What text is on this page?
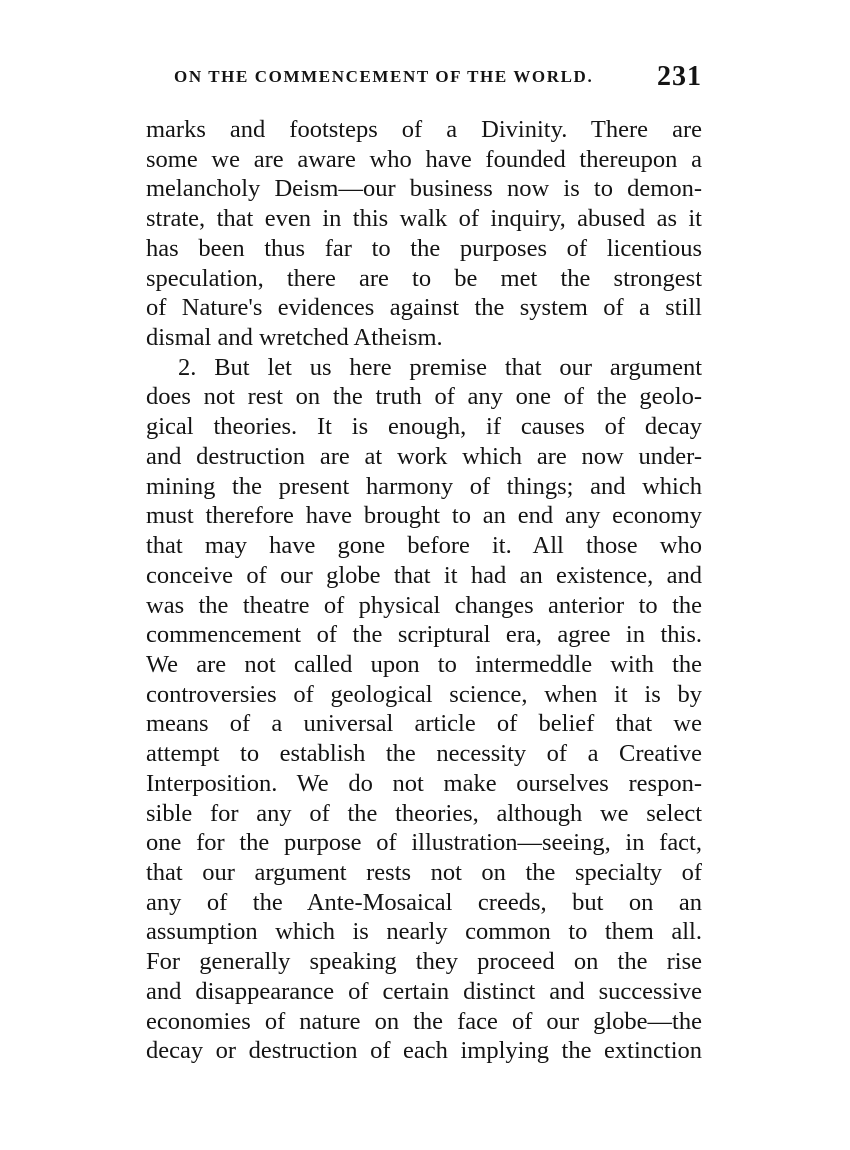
ON THE COMMENCEMENT OF THE WORLD. 231
marks and footsteps of a Divinity. There are
some we are aware who have founded thereupon a
melancholy Deism—our business now is to demon-
strate, that even in this walk of inquiry, abused as it
has been thus far to the purposes of licentious
speculation, there are to be met the strongest
of Nature's evidences against the system of a still
dismal and wretched Atheism.
2. But let us here premise that our argument
does not rest on the truth of any one of the geolo-
gical theories. It is enough, if causes of decay
and destruction are at work which are now under-
mining the present harmony of things; and which
must therefore have brought to an end any economy
that may have gone before it. All those who
conceive of our globe that it had an existence, and
was the theatre of physical changes anterior to the
commencement of the scriptural era, agree in this.
We are not called upon to intermeddle with the
controversies of geological science, when it is by
means of a universal article of belief that we
attempt to establish the necessity of a Creative
Interposition. We do not make ourselves respon-
sible for any of the theories, although we select
one for the purpose of illustration—seeing, in fact,
that our argument rests not on the specialty of
any of the Ante-Mosaical creeds, but on an
assumption which is nearly common to them all.
For generally speaking they proceed on the rise
and disappearance of certain distinct and successive
economies of nature on the face of our globe—the
decay or destruction of each implying the extinction
